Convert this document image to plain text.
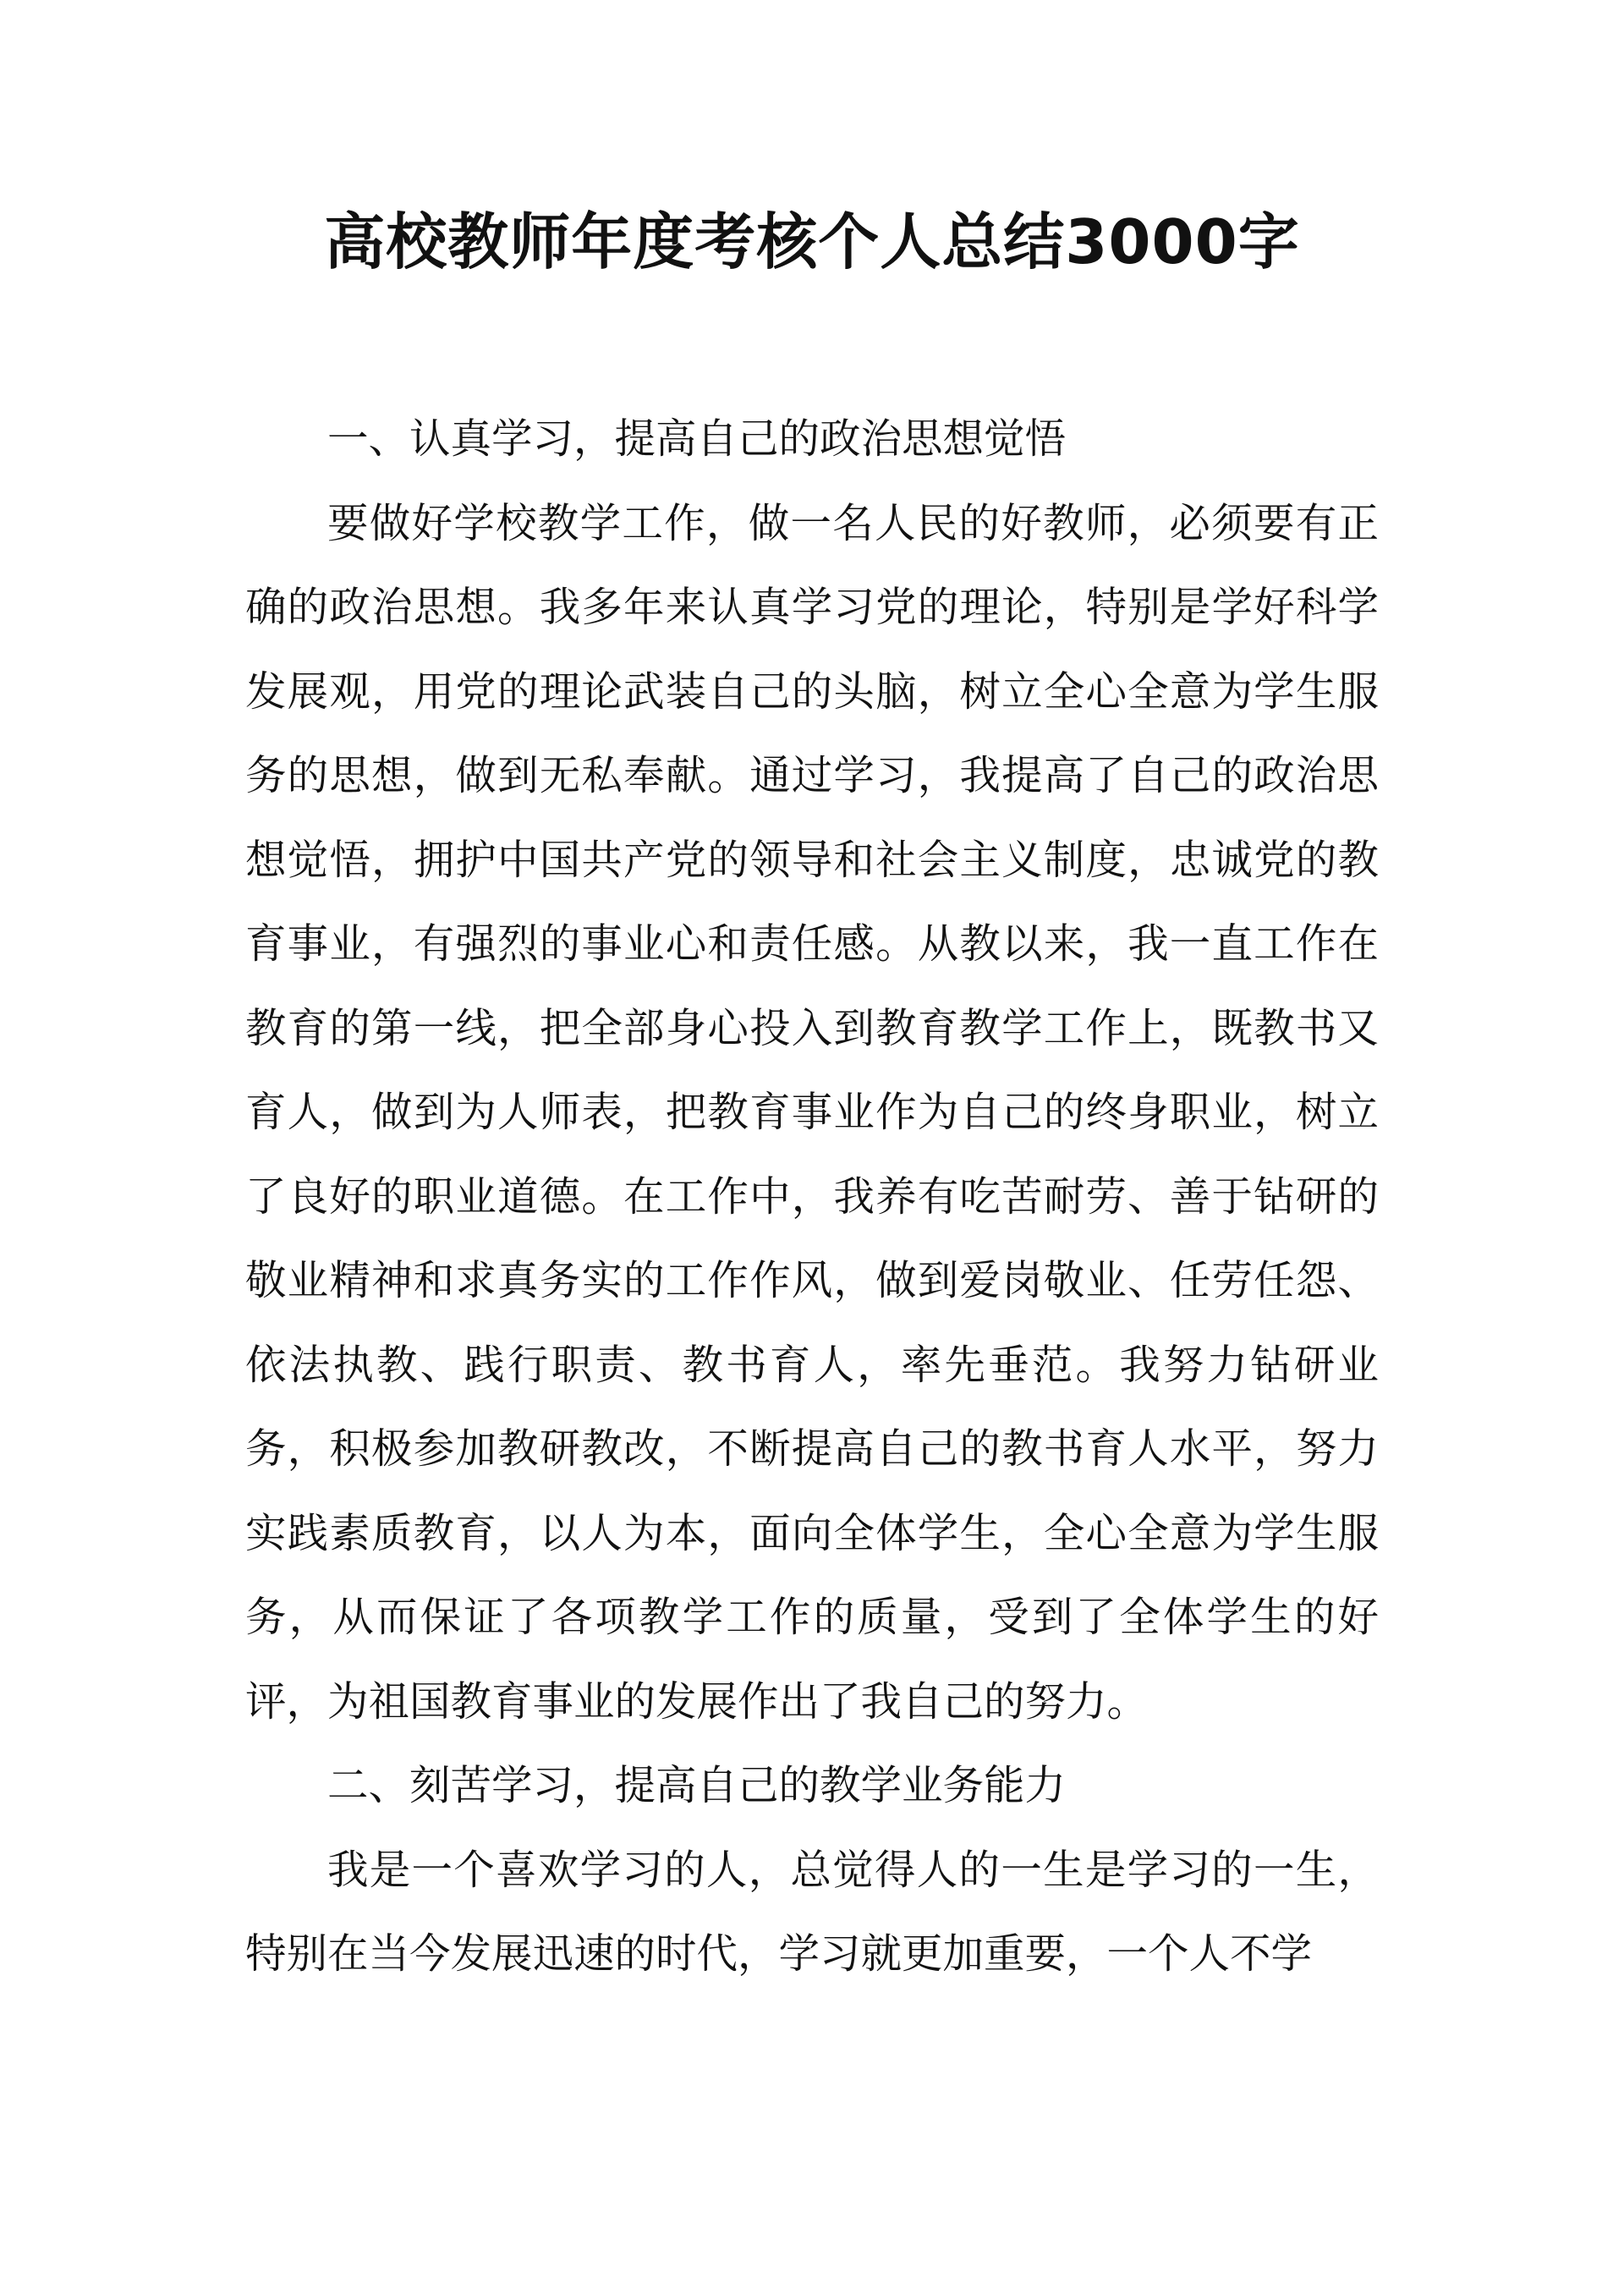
高校教师年度考核个人总结3000字

一、认真学习，提高自己的政治思想觉悟

要做好学校教学工作，做一名人民的好教师，必须要有正确的政治思想。我多年来认真学习党的理论，特别是学好科学发展观，用党的理论武装自己的头脑，树立全心全意为学生服务的思想，做到无私奉献。通过学习，我提高了自己的政治思想觉悟，拥护中国共产党的领导和社会主义制度，忠诚党的教育事业，有强烈的事业心和责任感。从教以来，我一直工作在教育的第一线，把全部身心投入到教育教学工作上，既教书又育人，做到为人师表，把教育事业作为自己的终身职业，树立了良好的职业道德。在工作中，我养有吃苦耐劳、善于钻研的敬业精神和求真务实的工作作风，做到爱岗敬业、任劳任怨、依法执教、践行职责、教书育人，率先垂范。我努力钻研业务，积极参加教研教改，不断提高自己的教书育人水平，努力实践素质教育，以人为本，面向全体学生，全心全意为学生服务，从而保证了各项教学工作的质量，受到了全体学生的好评，为祖国教育事业的发展作出了我自己的努力。

二、刻苦学习，提高自己的教学业务能力

我是一个喜欢学习的人，总觉得人的一生是学习的一生，特别在当今发展迅速的时代，学习就更加重要，一个人不学
